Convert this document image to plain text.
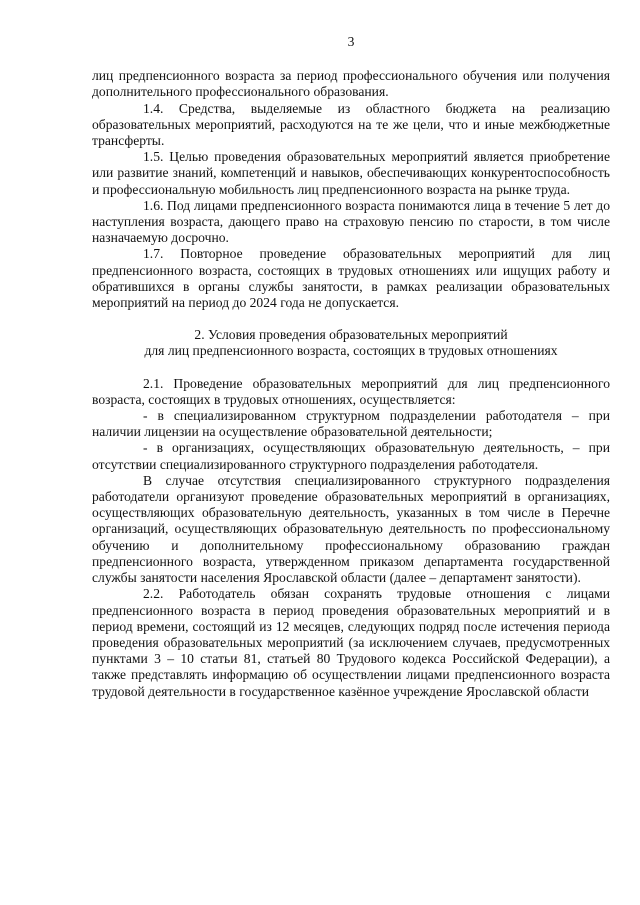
3

лиц предпенсионного возраста за период профессионального обучения или получения дополнительного профессионального образования.

1.4. Средства, выделяемые из областного бюджета на реализацию образовательных мероприятий, расходуются на те же цели, что и иные межбюджетные трансферты.

1.5. Целью проведения образовательных мероприятий является приобретение или развитие знаний, компетенций и навыков, обеспечивающих конкурентоспособность и профессиональную мобильность лиц предпенсионного возраста на рынке труда.

1.6. Под лицами предпенсионного возраста понимаются лица в течение 5 лет до наступления возраста, дающего право на страховую пенсию по старости, в том числе назначаемую досрочно.

1.7. Повторное проведение образовательных мероприятий для лиц предпенсионного возраста, состоящих в трудовых отношениях или ищущих работу и обратившихся в органы службы занятости, в рамках реализации образовательных мероприятий на период до 2024 года не допускается.

2. Условия проведения образовательных мероприятий
для лиц предпенсионного возраста, состоящих в трудовых отношениях

2.1. Проведение образовательных мероприятий для лиц предпенсионного возраста, состоящих в трудовых отношениях, осуществляется:

- в специализированном структурном подразделении работодателя – при наличии лицензии на осуществление образовательной деятельности;

- в организациях, осуществляющих образовательную деятельность, – при отсутствии специализированного структурного подразделения работодателя.

В случае отсутствия специализированного структурного подразделения работодатели организуют проведение образовательных мероприятий в организациях, осуществляющих образовательную деятельность, указанных в том числе в Перечне организаций, осуществляющих образовательную деятельность по профессиональному обучению и дополнительному профессиональному образованию граждан предпенсионного возраста, утвержденном приказом департамента государственной службы занятости населения Ярославской области (далее – департамент занятости).

2.2. Работодатель обязан сохранять трудовые отношения с лицами предпенсионного возраста в период проведения образовательных мероприятий и в период времени, состоящий из 12 месяцев, следующих подряд после истечения периода проведения образовательных мероприятий (за исключением случаев, предусмотренных пунктами 3 – 10 статьи 81, статьей 80 Трудового кодекса Российской Федерации), а также представлять информацию об осуществлении лицами предпенсионного возраста трудовой деятельности в государственное казённое учреждение Ярославской области
